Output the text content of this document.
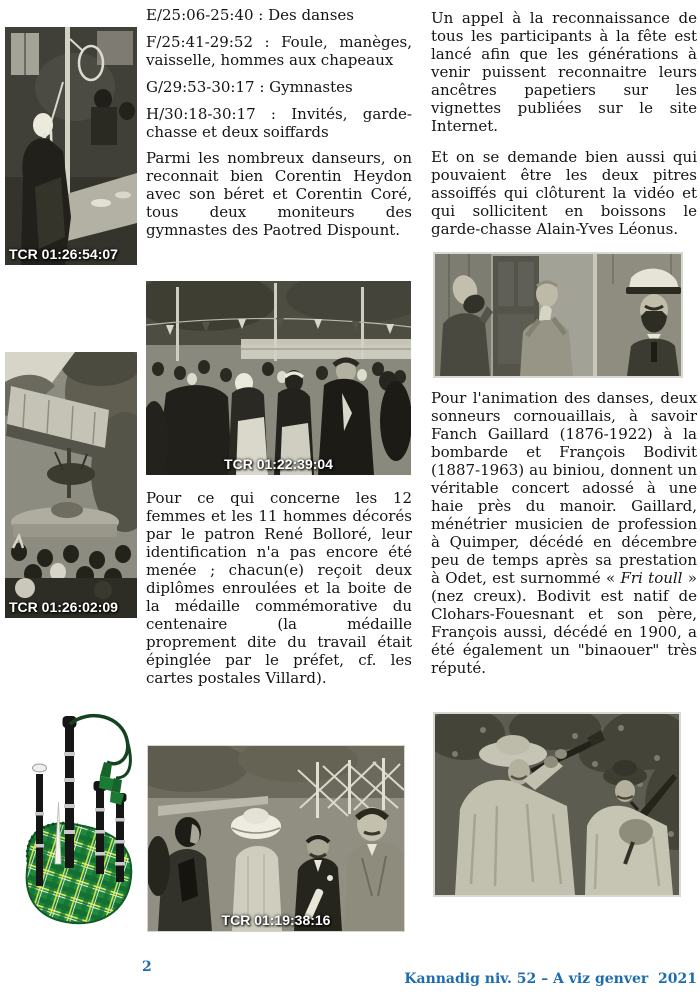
TCR 01:26:54:07
TCR 01:26:02:09

E/25:06-25:40 : Des danses

F/25:41-29:52 : Foule, manèges, vaisselle, hommes aux chapeaux

G/29:53-30:17 : Gymnastes

H/30:18-30:17 : Invités, garde-chasse et deux soiffards

Parmi les nombreux danseurs, on reconnait bien Corentin Heydon avec son béret et Corentin Coré, tous deux moniteurs des gymnastes des Paotred Dispount.

TCR 01:22:39:04

Pour ce qui concerne les 12 femmes et les 11 hommes décorés par le patron René Bolloré, leur identification n'a pas encore été menée ; chacun(e) reçoit deux diplômes enroulées et la boite de la médaille commémorative du centenaire (la médaille proprement dite du travail était épinglée par le préfet, cf. les cartes postales Villard).

TCR 01:19:38:16

Un appel à la reconnaissance de tous les participants à la fête est lancé afin que les générations à venir puissent reconnaitre leurs ancêtres papetiers sur les vignettes publiées sur le site Internet.

Et on se demande bien aussi qui pouvaient être les deux pitres assoiffés qui clôturent la vidéo et qui sollicitent en boissons le garde-chasse Alain-Yves Léonus.

Pour l'animation des danses, deux sonneurs cornouaillais, à savoir Fanch Gaillard (1876-1922) à la bombarde et François Bodivit (1887-1963) au biniou, donnent un véritable concert adossé à une haie près du manoir. Gaillard, ménétrier musicien de profession à Quimper, décédé en décembre peu de temps après sa prestation à Odet, est surnommé « Fri toull » (nez creux). Bodivit est natif de Clohars-Fouesnant et son père, François aussi, décédé en 1900, a été également un "binaouer" très réputé.

2
Kannadig niv. 52 – A viz genver  2021
